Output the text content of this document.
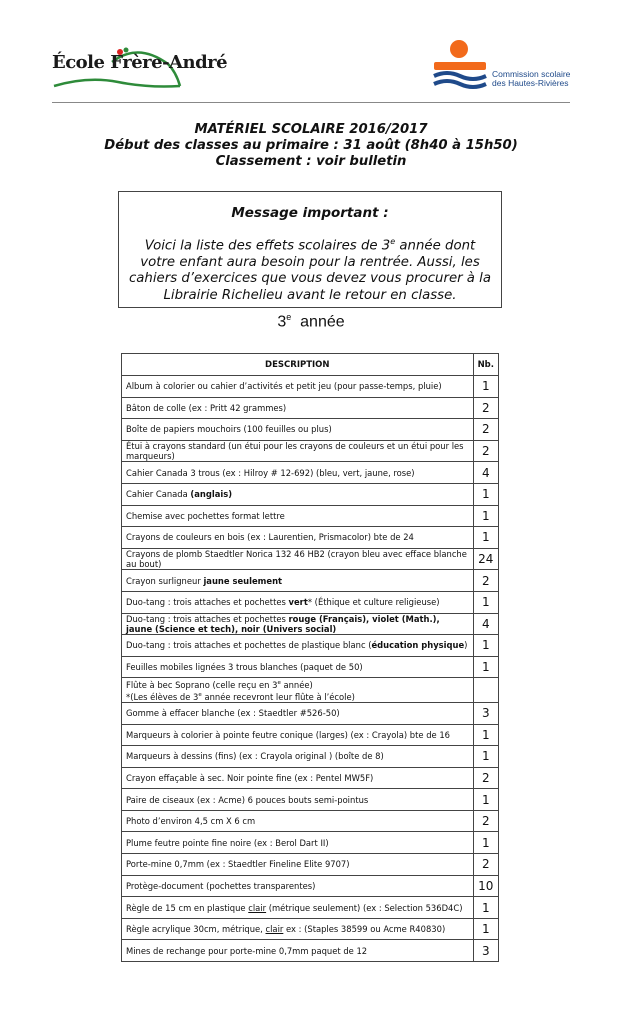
École Frère-André
Commission scolaire
des Hautes-Rivières
MATÉRIEL SCOLAIRE 2016/2017
Début des classes au primaire : 31 août (8h40 à 15h50)
Classement : voir bulletin
Message important :
Voici la liste des effets scolaires de 3e année dont votre enfant aura besoin pour la rentrée. Aussi, les cahiers d’exercices que vous devez vous procurer à la Librairie Richelieu avant le retour en classe.
3e année
DESCRIPTION	Nb.
Album à colorier ou cahier d’activités et petit jeu (pour passe-temps, pluie)	1
Bâton de colle (ex : Pritt 42 grammes)	2
Boîte de papiers mouchoirs (100 feuilles ou plus)	2
Étui à crayons standard (un étui pour les crayons de couleurs et un étui pour les marqueurs)	2
Cahier Canada 3 trous (ex : Hilroy # 12-692) (bleu, vert, jaune, rose)	4
Cahier Canada (anglais)	1
Chemise avec pochettes format lettre	1
Crayons de couleurs en bois (ex : Laurentien, Prismacolor) bte de 24	1
Crayons de plomb Staedtler Norica 132 46 HB2 (crayon bleu avec efface blanche au bout)	24
Crayon surligneur jaune seulement	2
Duo-tang : trois attaches et pochettes vert* (Éthique et culture religieuse)	1
Duo-tang : trois attaches et pochettes rouge (Français), violet (Math.), jaune (Science et tech), noir (Univers social)	4
Duo-tang : trois attaches et pochettes de plastique blanc (éducation physique)	1
Feuilles mobiles lignées 3 trous blanches (paquet de 50)	1
Flûte à bec Soprano (celle reçu en 3e année)
*(Les élèves de 3e année recevront leur flûte à l’école)	
Gomme à effacer blanche (ex : Staedtler #526-50)	3
Marqueurs à colorier à pointe feutre conique (larges) (ex : Crayola) bte de 16	1
Marqueurs à dessins (fins) (ex : Crayola original ) (boîte de 8)	1
Crayon effaçable à sec. Noir pointe fine (ex : Pentel MW5F)	2
Paire de ciseaux (ex : Acme) 6 pouces bouts semi-pointus	1
Photo d’environ 4,5 cm X 6 cm	2
Plume feutre pointe fine noire (ex : Berol Dart II)	1
Porte-mine 0,7mm (ex : Staedtler Fineline Elite 9707)	2
Protège-document (pochettes transparentes)	10
Règle de 15 cm en plastique clair (métrique seulement) (ex : Selection 536D4C)	1
Règle acrylique 30cm, métrique, clair ex : (Staples 38599 ou Acme R40830)	1
Mines de rechange pour porte-mine 0,7mm paquet de 12	3
